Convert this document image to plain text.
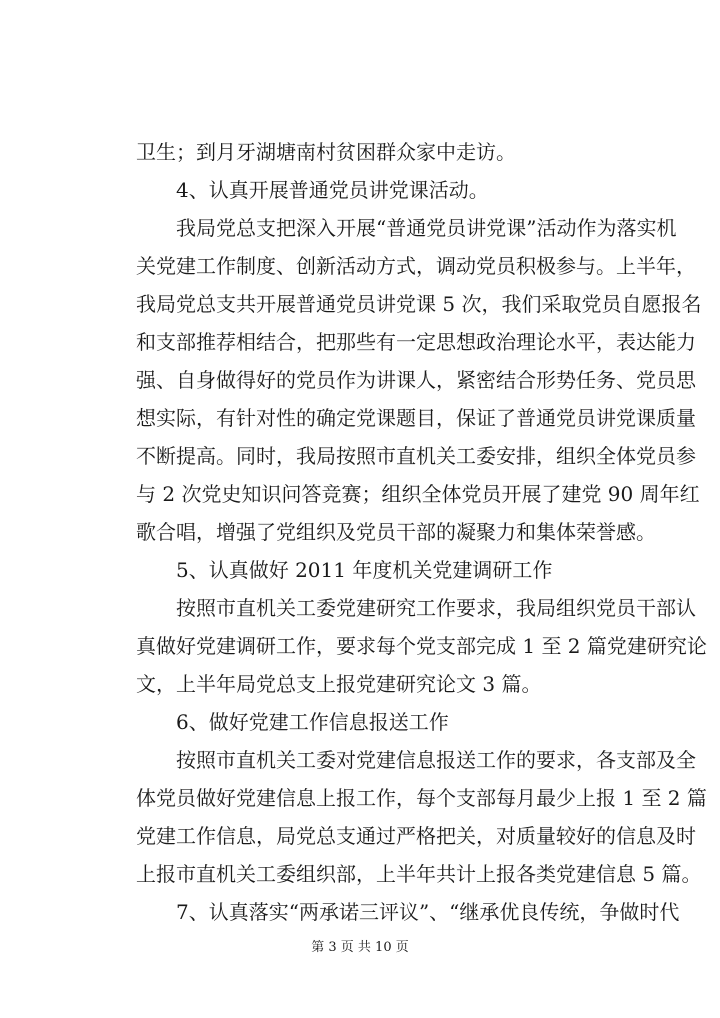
卫生；到月牙湖塘南村贫困群众家中走访。
　　4、认真开展普通党员讲党课活动。
　　我局党总支把深入开展“普通党员讲党课”活动作为落实机
关党建工作制度、创新活动方式，调动党员积极参与。上半年，
我局党总支共开展普通党员讲党课 5 次，我们采取党员自愿报名
和支部推荐相结合，把那些有一定思想政治理论水平，表达能力
强、自身做得好的党员作为讲课人，紧密结合形势任务、党员思
想实际，有针对性的确定党课题目，保证了普通党员讲党课质量
不断提高。同时，我局按照市直机关工委安排，组织全体党员参
与 2 次党史知识问答竞赛；组织全体党员开展了建党 90 周年红
歌合唱，增强了党组织及党员干部的凝聚力和集体荣誉感。
　　5、认真做好 2011 年度机关党建调研工作
　　按照市直机关工委党建研究工作要求，我局组织党员干部认
真做好党建调研工作，要求每个党支部完成 1 至 2 篇党建研究论
文，上半年局党总支上报党建研究论文 3 篇。
　　6、做好党建工作信息报送工作
　　按照市直机关工委对党建信息报送工作的要求，各支部及全
体党员做好党建信息上报工作，每个支部每月最少上报 1 至 2 篇
党建工作信息，局党总支通过严格把关，对质量较好的信息及时
上报市直机关工委组织部，上半年共计上报各类党建信息 5 篇。
　　7、认真落实“两承诺三评议”、“继承优良传统，争做时代
第 3 页 共 10 页
